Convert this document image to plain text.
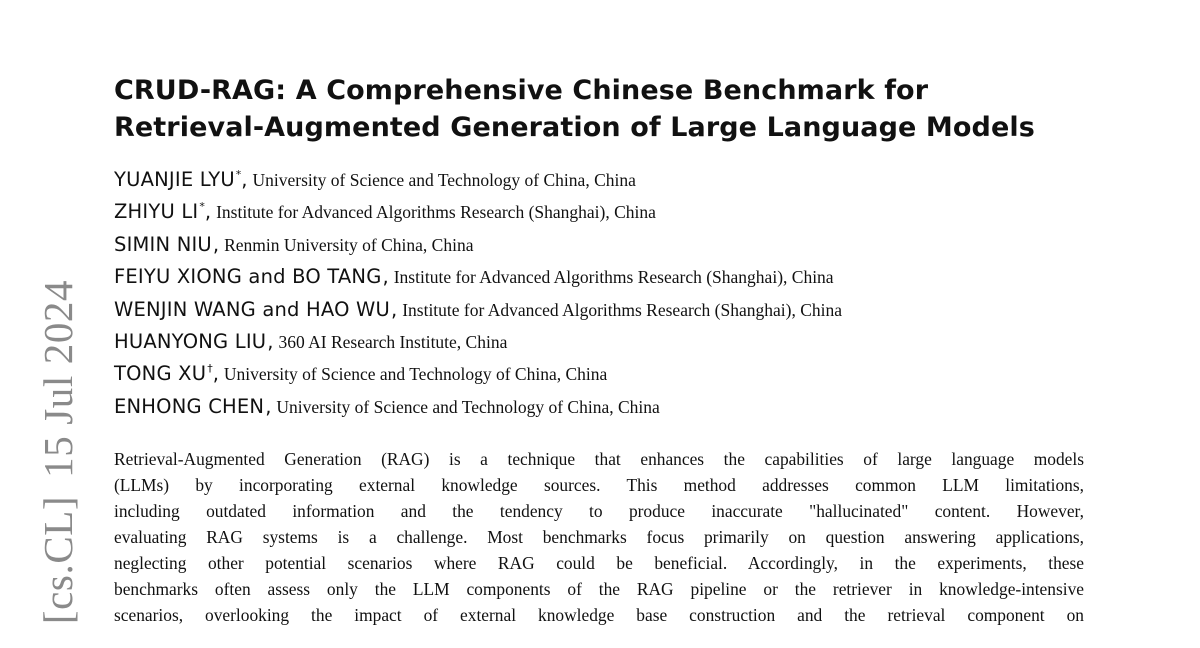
[cs.CL]15 Jul 2024
CRUD-RAG: A Comprehensive Chinese Benchmark for
Retrieval-Augmented Generation of Large Language Models
YUANJIE LYU * , University of Science and Technology of China, China
ZHIYU LI * , Institute for Advanced Algorithms Research (Shanghai), China
SIMIN NIU , Renmin University of China, China
FEIYU XIONG and BO TANG , Institute for Advanced Algorithms Research (Shanghai), China
WENJIN WANG and HAO WU , Institute for Advanced Algorithms Research (Shanghai), China
HUANYONG LIU , 360 AI Research Institute, China
TONG XU † , University of Science and Technology of China, China
ENHONG CHEN , University of Science and Technology of China, China
Retrieval-Augmented Generation (RAG) is a technique that enhances the capabilities of large language models
(LLMs) by incorporating external knowledge sources. This method addresses common LLM limitations,
including outdated information and the tendency to produce inaccurate "hallucinated" content. However,
evaluating RAG systems is a challenge. Most benchmarks focus primarily on question answering applications,
neglecting other potential scenarios where RAG could be beneficial. Accordingly, in the experiments, these
benchmarks often assess only the LLM components of the RAG pipeline or the retriever in knowledge-intensive
scenarios, overlooking the impact of external knowledge base construction and the retrieval component on
